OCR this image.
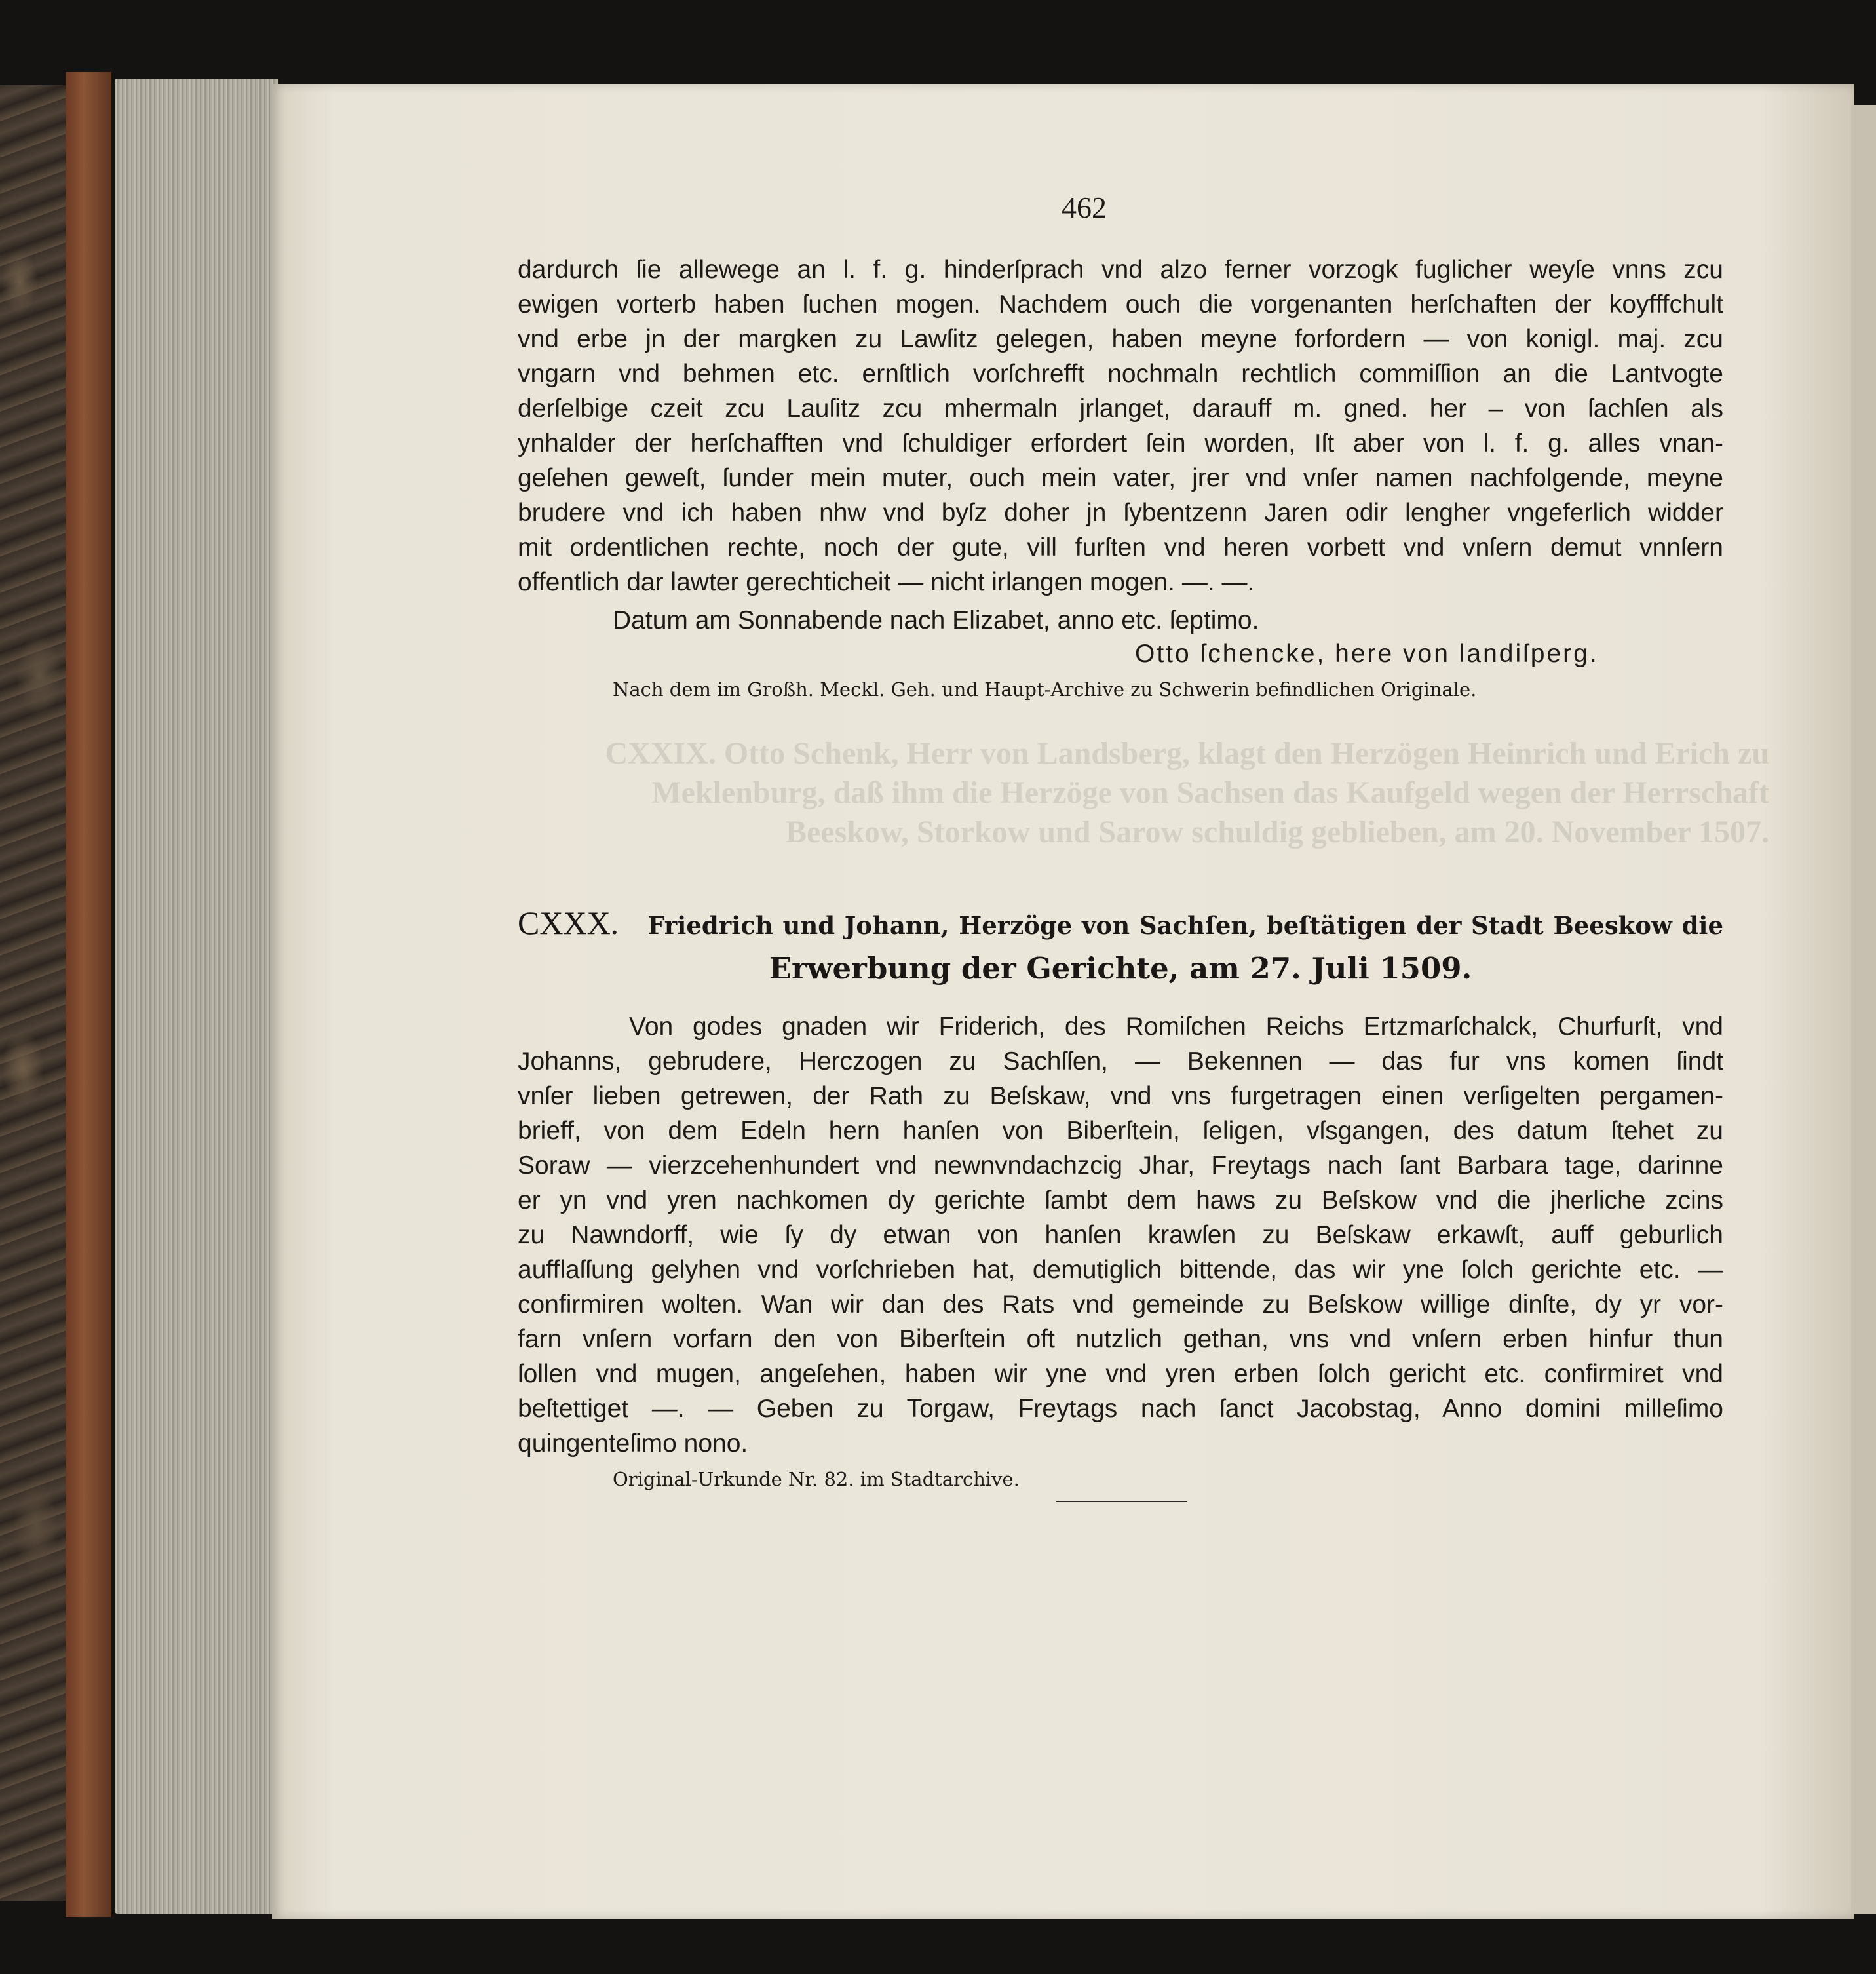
CXXIX. Otto Schenk, Herr von Landsberg, klagt den Herzögen Heinrich und Erich zu
Meklenburg, daß ihm die Herzöge von Sachsen das Kaufgeld wegen der Herrschaft
Beeskow, Storkow und Sarow schuldig geblieben, am 20. November 1507.
462
dardurch ſie allewege an l. f. g. hinderſprach vnd alzo ferner vorzogk fuglicher weyſe vnns zcu
ewigen vorterb haben ſuchen mogen. Nachdem ouch die vorgenanten herſchaften der koyfffchult
vnd erbe jn der margken zu Lawſitz gelegen, haben meyne forfordern — von konigl. maj. zcu
vngarn vnd behmen etc. ernſtlich vorſchrefft nochmaln rechtlich commiſſion an die Lantvogte
derſelbige czeit zcu Lauſitz zcu mhermaln jrlanget, darauff m. gned. her ‒ von ſachſen als
ynhalder der herſchafften vnd ſchuldiger erfordert ſein worden, Iſt aber von l. f. g. alles vnan-
geſehen geweſt, ſunder mein muter, ouch mein vater, jrer vnd vnſer namen nachfolgende, meyne
brudere vnd ich haben nhw vnd byſz doher jn ſybentzenn Jaren odir lengher vngeferlich widder
mit ordentlichen rechte, noch der gute, vill furſten vnd heren vorbett vnd vnſern demut vnnſern
offentlich dar lawter gerechticheit — nicht irlangen mogen. —. —.
Datum am Sonnabende nach Elizabet, anno etc. ſeptimo.
Otto ſchencke, here von landiſperg.
Nach dem im Großh. Meckl. Geh. und Haupt-Archive zu Schwerin befindlichen Originale.
CXXX. Friedrich und Johann, Herzöge von Sachſen, beſtätigen der Stadt Beeskow die
Erwerbung der Gerichte, am 27. Juli 1509.
Von godes gnaden wir Friderich, des Romiſchen Reichs Ertzmarſchalck, Churfurſt, vnd
Johanns, gebrudere, Herczogen zu Sachſſen, — Bekennen — das fur vns komen ſindt
vnſer lieben getrewen, der Rath zu Beſskaw, vnd vns furgetragen einen verſigelten pergamen-
brieff, von dem Edeln hern hanſen von Biberſtein, ſeligen, vſsgangen, des datum ſtehet zu
Soraw — vierzcehenhundert vnd newnvndachzcig Jhar, Freytags nach ſant Barbara tage, darinne
er yn vnd yren nachkomen dy gerichte ſambt dem haws zu Beſskow vnd die jherliche zcins
zu Nawndorff, wie ſy dy etwan von hanſen krawſen zu Beſskaw erkawſt, auff geburlich
aufflaſſung gelyhen vnd vorſchrieben hat, demutiglich bittende, das wir yne ſolch gerichte etc. —
confirmiren wolten. Wan wir dan des Rats vnd gemeinde zu Beſskow willige dinſte, dy yr vor-
farn vnſern vorfarn den von Biberſtein oft nutzlich gethan, vns vnd vnſern erben hinfur thun
ſollen vnd mugen, angeſehen, haben wir yne vnd yren erben ſolch gericht etc. confirmiret vnd
beſtettiget —. — Geben zu Torgaw, Freytags nach ſanct Jacobstag, Anno domini milleſimo
quingenteſimo nono.
Original-Urkunde Nr. 82. im Stadtarchive.
